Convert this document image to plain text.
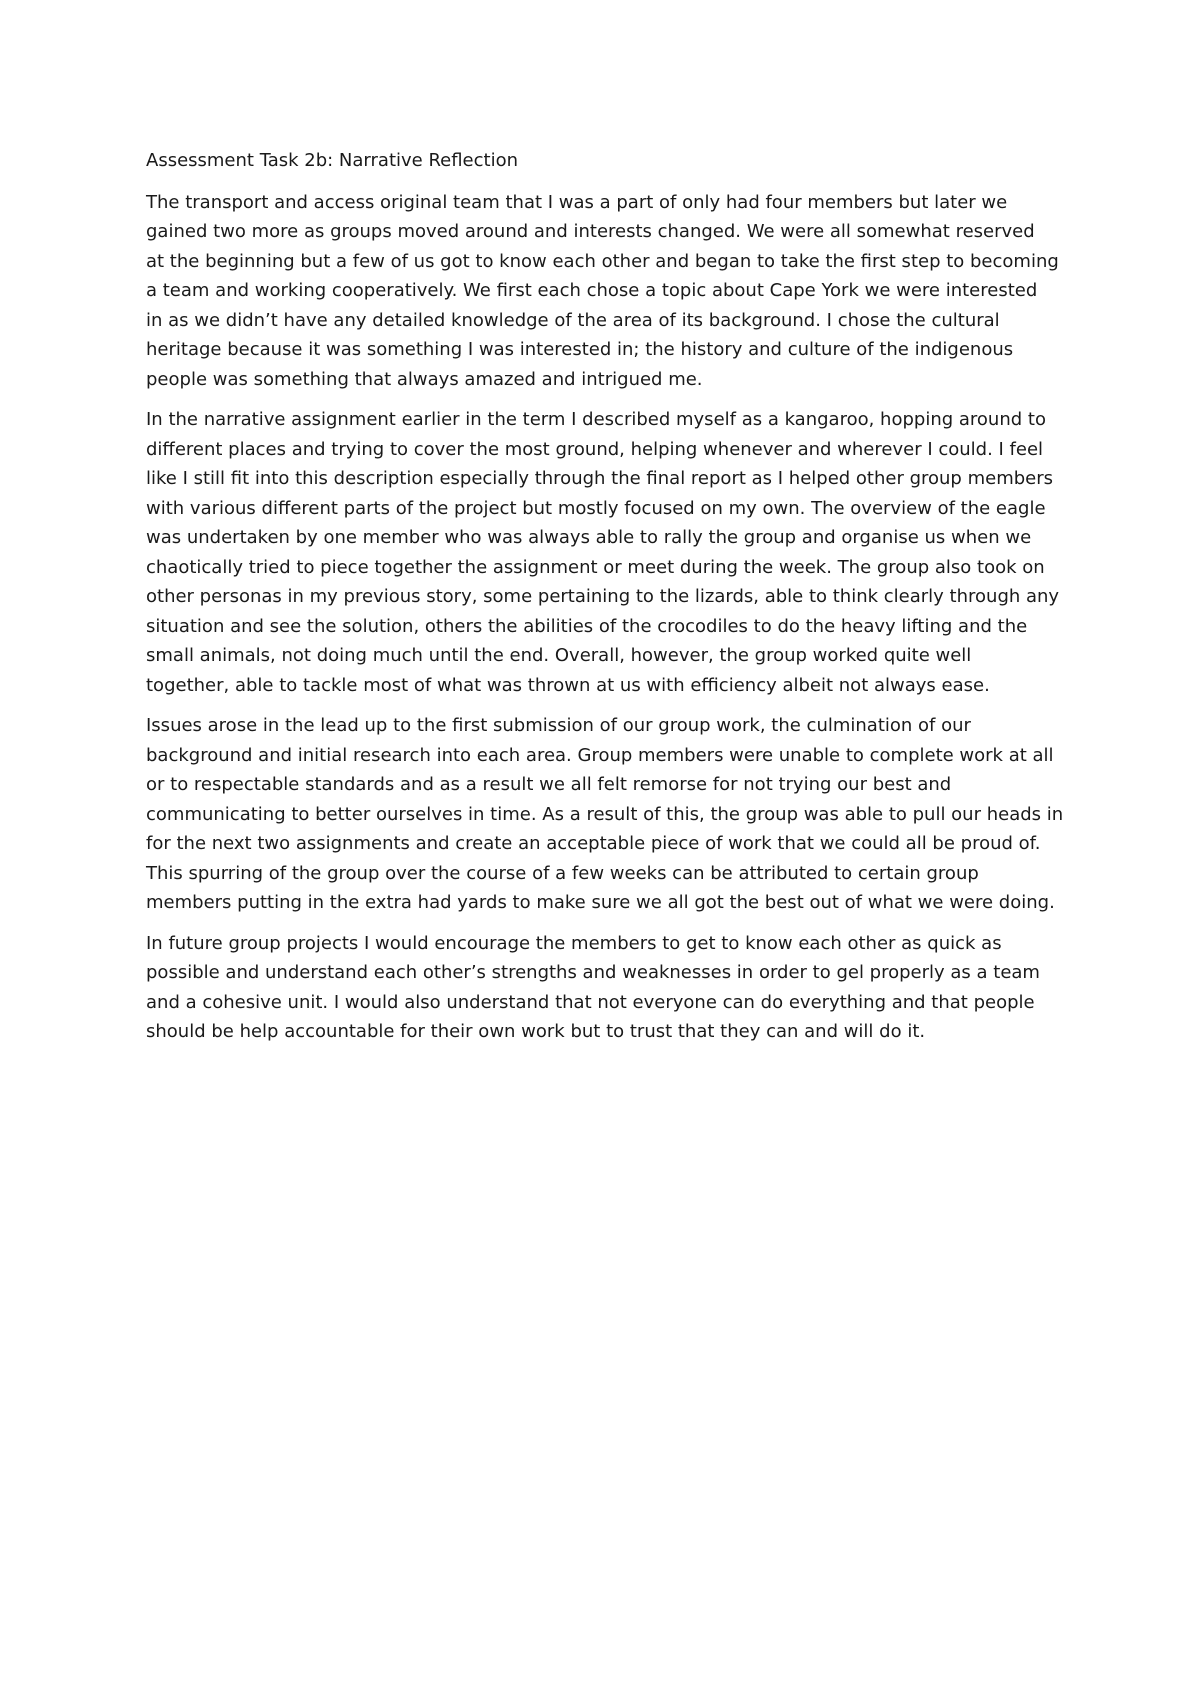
Assessment Task 2b: Narrative Reflection

The transport and access original team that I was a part of only had four members but later we
gained two more as groups moved around and interests changed. We were all somewhat reserved
at the beginning but a few of us got to know each other and began to take the first step to becoming
a team and working cooperatively. We first each chose a topic about Cape York we were interested
in as we didn’t have any detailed knowledge of the area of its background. I chose the cultural
heritage because it was something I was interested in; the history and culture of the indigenous
people was something that always amazed and intrigued me.

In the narrative assignment earlier in the term I described myself as a kangaroo, hopping around to
different places and trying to cover the most ground, helping whenever and wherever I could. I feel
like I still fit into this description especially through the final report as I helped other group members
with various different parts of the project but mostly focused on my own. The overview of the eagle
was undertaken by one member who was always able to rally the group and organise us when we
chaotically tried to piece together the assignment or meet during the week. The group also took on
other personas in my previous story, some pertaining to the lizards, able to think clearly through any
situation and see the solution, others the abilities of the crocodiles to do the heavy lifting and the
small animals, not doing much until the end. Overall, however, the group worked quite well
together, able to tackle most of what was thrown at us with efficiency albeit not always ease.

Issues arose in the lead up to the first submission of our group work, the culmination of our
background and initial research into each area. Group members were unable to complete work at all
or to respectable standards and as a result we all felt remorse for not trying our best and
communicating to better ourselves in time. As a result of this, the group was able to pull our heads in
for the next two assignments and create an acceptable piece of work that we could all be proud of.
This spurring of the group over the course of a few weeks can be attributed to certain group
members putting in the extra had yards to make sure we all got the best out of what we were doing.

In future group projects I would encourage the members to get to know each other as quick as
possible and understand each other’s strengths and weaknesses in order to gel properly as a team
and a cohesive unit. I would also understand that not everyone can do everything and that people
should be help accountable for their own work but to trust that they can and will do it.
